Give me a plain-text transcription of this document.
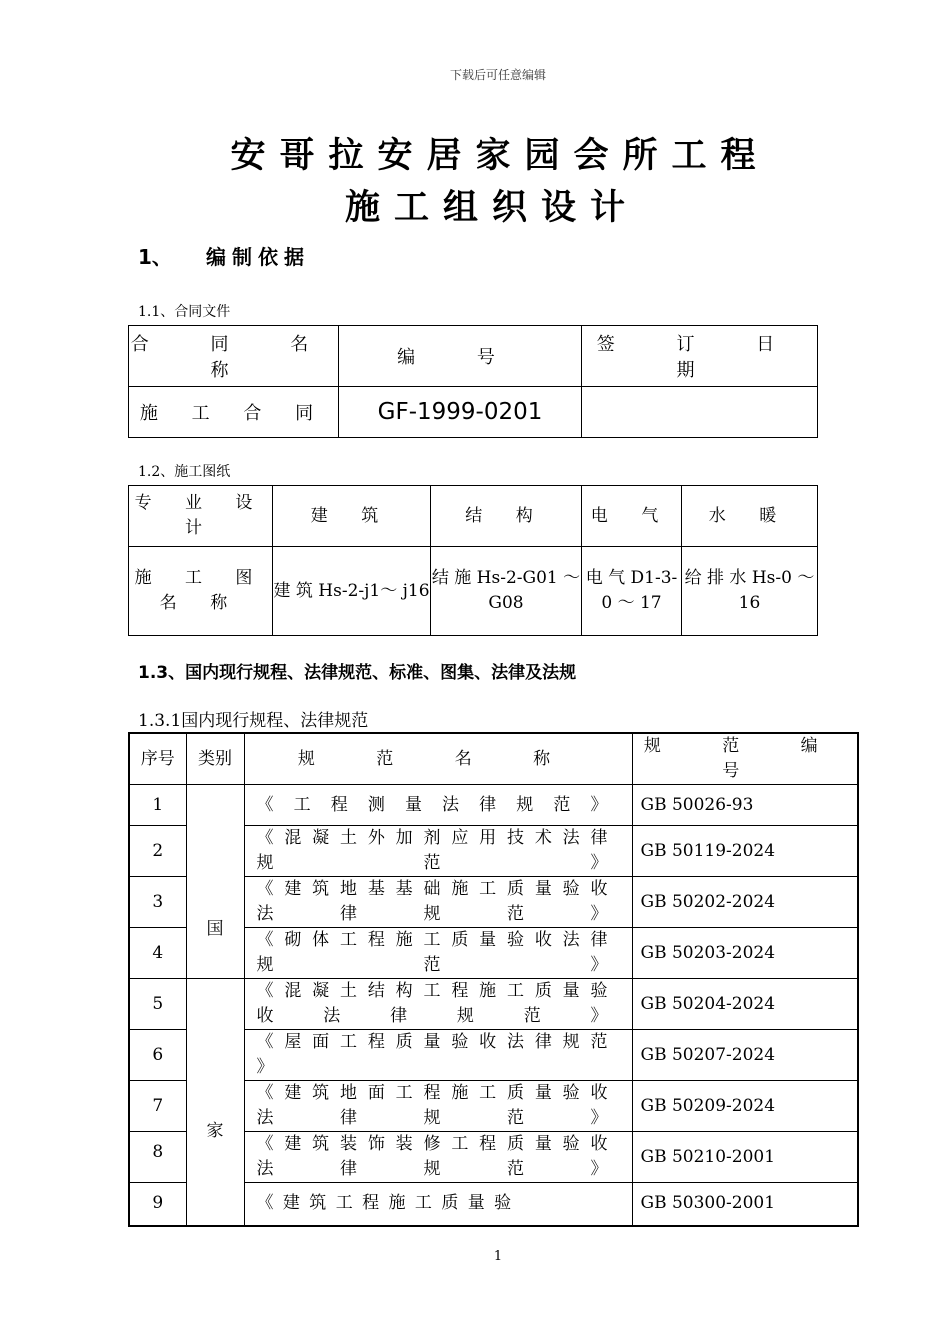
下载后可任意编辑
安哥拉安居家园会所工程
施工组织设计
1、 编制依据
1.1、合同文件
合 同 名 称	编 号	签 订 日 期
施 工 合 同	GF-1999-0201	
1.2、施工图纸
专 业 设 计	建 筑	结 构	电 气	水 暖
施 工 图 名 称	建 筑 Hs-2-j1～ j16	结 施 Hs-2-G01 ～ G08	电 气 D1-3-0 ～ 17	给 排 水 Hs-0 ～ 16
1.3、国内现行规程、法律规范、标准、图集、法律及法规
1.3.1国内现行规程、法律规范
序号	类别	规 范 名 称	规 范 编 号
1	国	《 工 程 测 量 法 律 规 范 》	GB 50026-93
2		《 混 凝 土 外 加 剂 应 用 技 术 法 律 规 范 》	GB 50119-2024
3		《 建 筑 地 基 基 础 施 工 质 量 验 收 法 律 规 范 》	GB 50202-2024
4		《 砌 体 工 程 施 工 质 量 验 收 法 律 规 范 》	GB 50203-2024
5	家	《 混 凝 土 结 构 工 程 施 工 质 量 验 收 法 律 规 范 》	GB 50204-2024
6		《 屋 面 工 程 质 量 验 收 法 律 规 范 》	GB 50207-2024
7		《 建 筑 地 面 工 程 施 工 质 量 验 收 法 律 规 范 》	GB 50209-2024
8		《 建 筑 装 饰 装 修 工 程 质 量 验 收 法 律 规 范 》	GB 50210-2001
9		《 建 筑 工 程 施 工 质 量 验	GB 50300-2001
1
